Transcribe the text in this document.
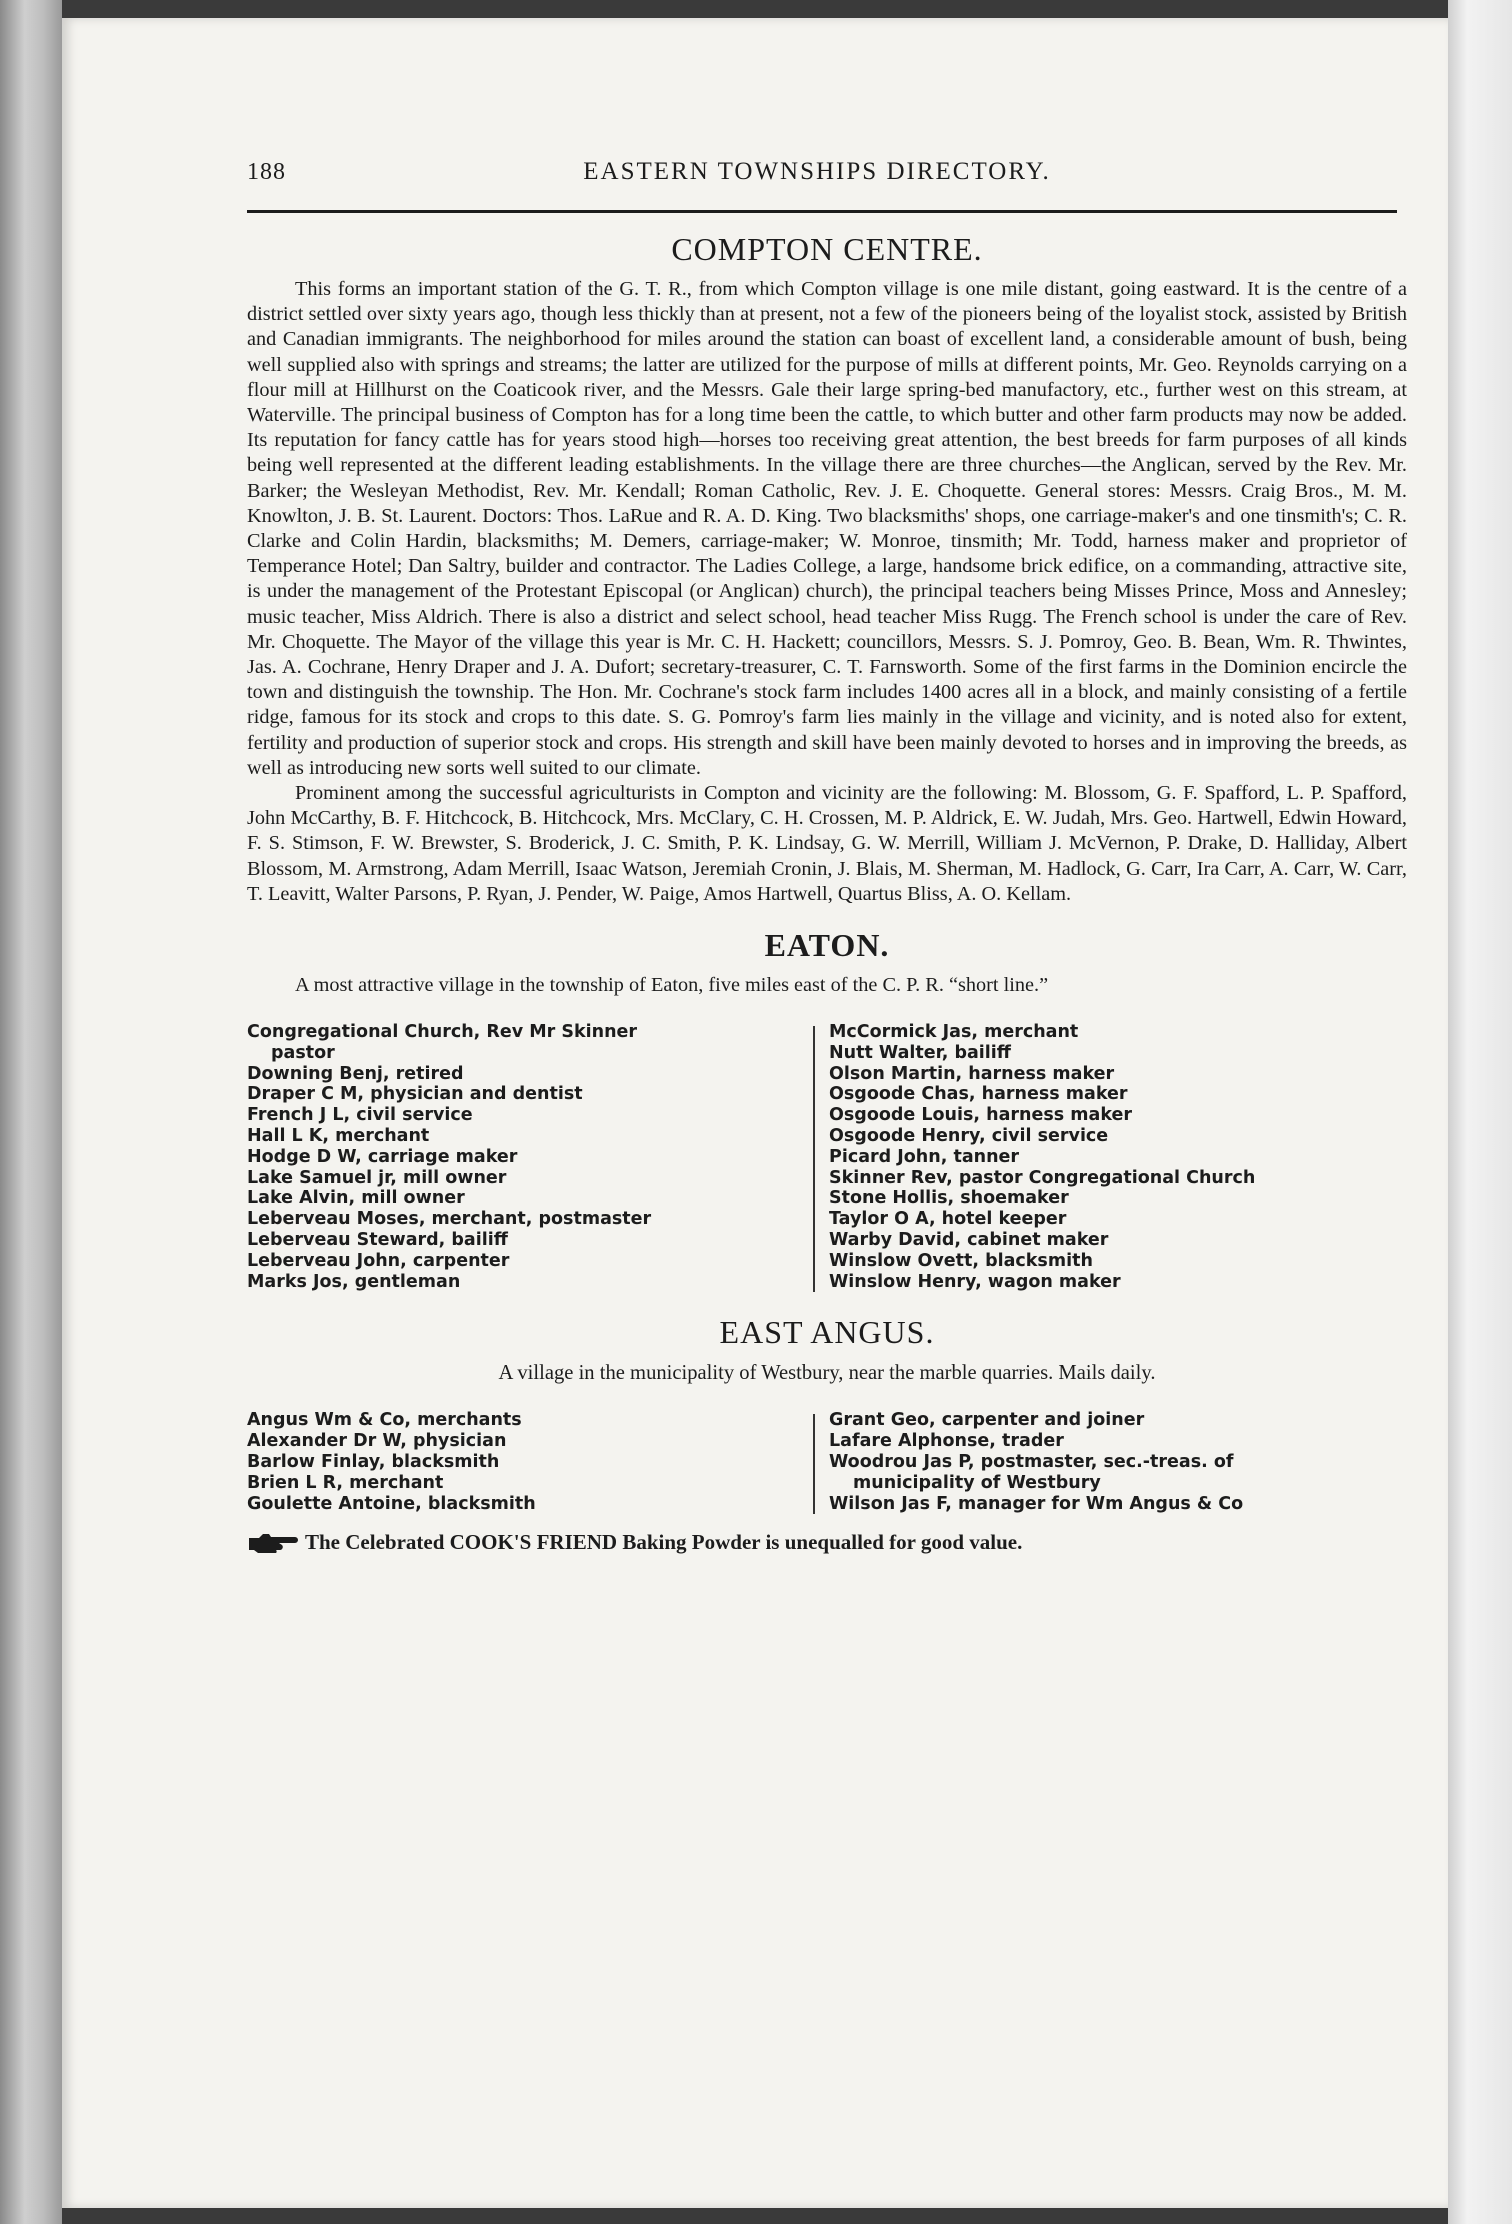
188	EASTERN TOWNSHIPS DIRECTORY.
COMPTON CENTRE.

This forms an important station of the G. T. R., from which Compton village is one mile distant, going eastward. It is the centre of a district settled over sixty years ago, though less thickly than at present, not a few of the pioneers being of the loyalist stock, assisted by British and Canadian immigrants. The neighborhood for miles around the station can boast of excellent land, a considerable amount of bush, being well supplied also with springs and streams; the latter are utilized for the purpose of mills at different points, Mr. Geo. Reynolds carrying on a flour mill at Hillhurst on the Coaticook river, and the Messrs. Gale their large spring-bed manufactory, etc., further west on this stream, at Waterville. The principal business of Compton has for a long time been the cattle, to which butter and other farm products may now be added. Its reputation for fancy cattle has for years stood high—horses too receiving great attention, the best breeds for farm purposes of all kinds being well represented at the different leading establishments. In the village there are three churches—the Anglican, served by the Rev. Mr. Barker; the Wesleyan Methodist, Rev. Mr. Kendall; Roman Catholic, Rev. J. E. Choquette. General stores: Messrs. Craig Bros., M. M. Knowlton, J. B. St. Laurent. Doctors: Thos. LaRue and R. A. D. King. Two blacksmiths' shops, one carriage-maker's and one tinsmith's; C. R. Clarke and Colin Hardin, blacksmiths; M. Demers, carriage-maker; W. Monroe, tinsmith; Mr. Todd, harness maker and proprietor of Temperance Hotel; Dan Saltry, builder and contractor. The Ladies College, a large, handsome brick edifice, on a commanding, attractive site, is under the management of the Protestant Episcopal (or Anglican) church), the principal teachers being Misses Prince, Moss and Annesley; music teacher, Miss Aldrich. There is also a district and select school, head teacher Miss Rugg. The French school is under the care of Rev. Mr. Choquette. The Mayor of the village this year is Mr. C. H. Hackett; councillors, Messrs. S. J. Pomroy, Geo. B. Bean, Wm. R. Thwintes, Jas. A. Cochrane, Henry Draper and J. A. Dufort; secretary-treasurer, C. T. Farnsworth. Some of the first farms in the Dominion encircle the town and distinguish the township. The Hon. Mr. Cochrane's stock farm includes 1400 acres all in a block, and mainly consisting of a fertile ridge, famous for its stock and crops to this date. S. G. Pomroy's farm lies mainly in the village and vicinity, and is noted also for extent, fertility and production of superior stock and crops. His strength and skill have been mainly devoted to horses and in improving the breeds, as well as introducing new sorts well suited to our climate.

Prominent among the successful agriculturists in Compton and vicinity are the following: M. Blossom, G. F. Spafford, L. P. Spafford, John McCarthy, B. F. Hitchcock, B. Hitchcock, Mrs. McClary, C. H. Crossen, M. P. Aldrick, E. W. Judah, Mrs. Geo. Hartwell, Edwin Howard, F. S. Stimson, F. W. Brewster, S. Broderick, J. C. Smith, P. K. Lindsay, G. W. Merrill, William J. McVernon, P. Drake, D. Halliday, Albert Blossom, M. Armstrong, Adam Merrill, Isaac Watson, Jeremiah Cronin, J. Blais, M. Sherman, M. Hadlock, G. Carr, Ira Carr, A. Carr, W. Carr, T. Leavitt, Walter Parsons, P. Ryan, J. Pender, W. Paige, Amos Hartwell, Quartus Bliss, A. O. Kellam.

EATON.

A most attractive village in the township of Eaton, five miles east of the C. P. R. “short line.”

Congregational Church, Rev Mr Skinner
pastor
Downing Benj, retired
Draper C M, physician and dentist
French J L, civil service
Hall L K, merchant
Hodge D W, carriage maker
Lake Samuel jr, mill owner
Lake Alvin, mill owner
Leberveau Moses, merchant, postmaster
Leberveau Steward, bailiff
Leberveau John, carpenter
Marks Jos, gentleman
McCormick Jas, merchant
Nutt Walter, bailiff
Olson Martin, harness maker
Osgoode Chas, harness maker
Osgoode Louis, harness maker
Osgoode Henry, civil service
Picard John, tanner
Skinner Rev, pastor Congregational Church
Stone Hollis, shoemaker
Taylor O A, hotel keeper
Warby David, cabinet maker
Winslow Ovett, blacksmith
Winslow Henry, wagon maker
EAST ANGUS.

A village in the municipality of Westbury, near the marble quarries. Mails daily.

Angus Wm & Co, merchants
Alexander Dr W, physician
Barlow Finlay, blacksmith
Brien L R, merchant
Goulette Antoine, blacksmith
Grant Geo, carpenter and joiner
Lafare Alphonse, trader
Woodrou Jas P, postmaster, sec.-treas. of
municipality of Westbury
Wilson Jas F, manager for Wm Angus & Co
The Celebrated COOK'S FRIEND Baking Powder is unequalled for good value.
